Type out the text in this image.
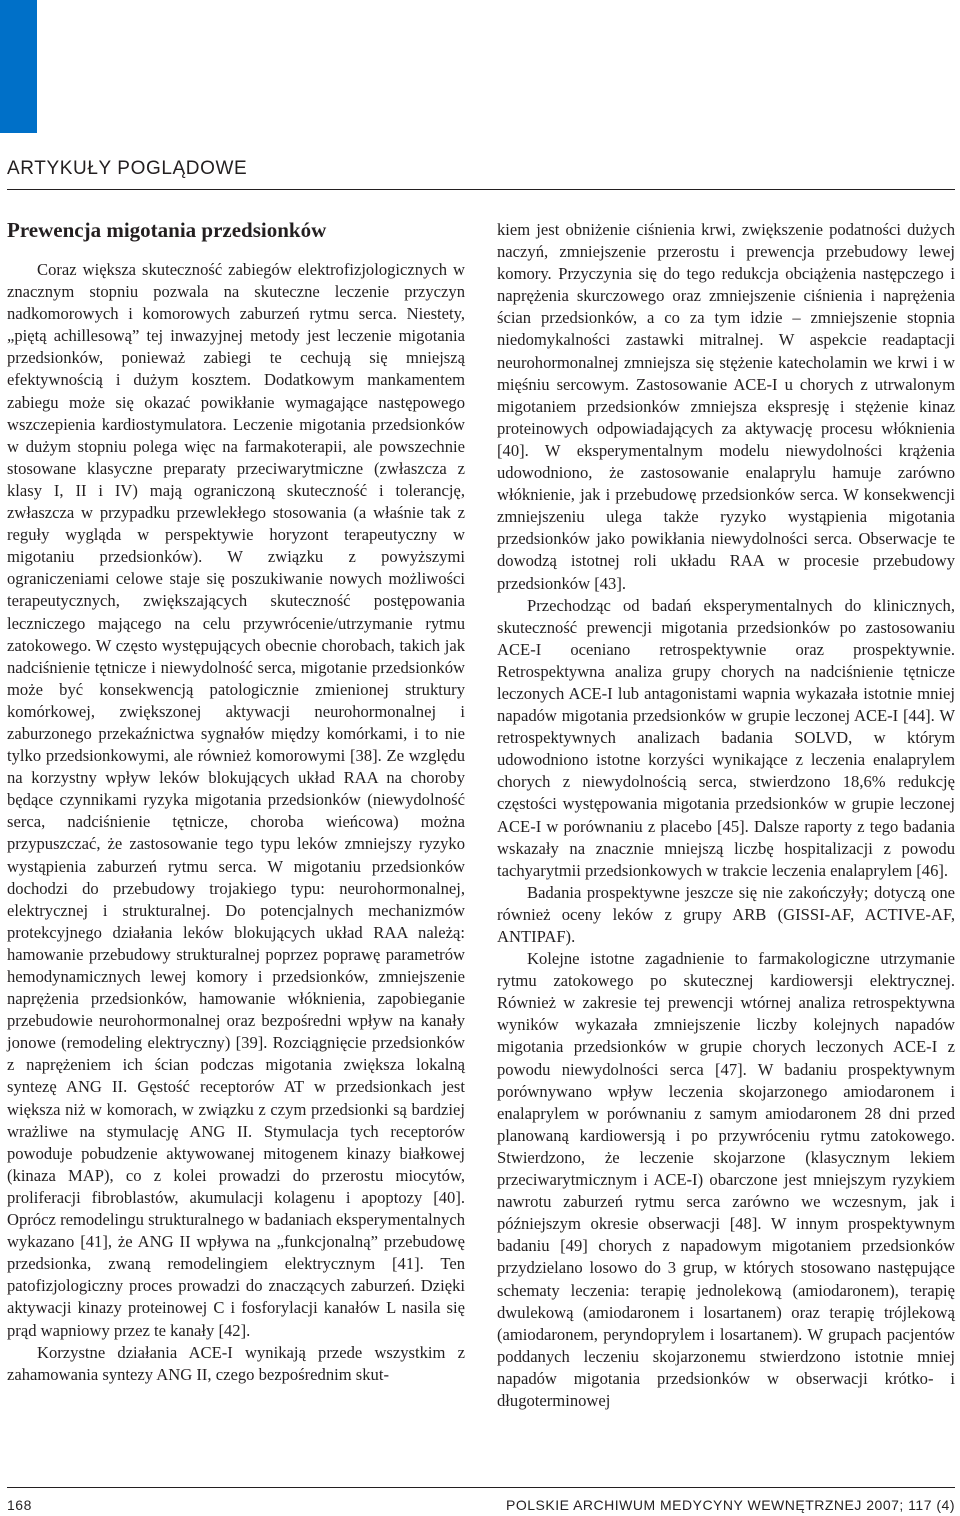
ARTYKUŁY POGLĄDOWE
Prewencja migotania przedsionków

Coraz większa skuteczność zabiegów elektrofizjologicznych w znacznym stopniu pozwala na skuteczne leczenie przyczyn nadkomorowych i komorowych zaburzeń rytmu serca. Niestety, „piętą achillesową” tej inwazyjnej metody jest leczenie migotania przedsionków, ponieważ zabiegi te cechują się mniejszą efektywnością i dużym kosztem. Dodatkowym mankamentem zabiegu może się okazać powikłanie wymagające następowego wszczepienia kardiostymulatora. Leczenie migotania przedsionków w dużym stopniu polega więc na farmakoterapii, ale powszechnie stosowane klasyczne preparaty przeciwarytmiczne (zwłaszcza z klasy I, II i IV) mają ograniczoną skuteczność i tolerancję, zwłaszcza w przypadku przewlekłego stosowania (a właśnie tak z reguły wygląda w perspektywie horyzont terapeutyczny w migotaniu przedsionków). W związku z powyższymi ograniczeniami celowe staje się poszukiwanie nowych możliwości terapeutycznych, zwiększających skuteczność postępowania leczniczego mającego na celu przywrócenie/utrzymanie rytmu zatokowego. W często występujących obecnie chorobach, takich jak nadciśnienie tętnicze i niewydolność serca, migotanie przedsionków może być konsekwencją patologicznie zmienionej struktury komórkowej, zwiększonej aktywacji neurohormonalnej i zaburzonego przekaźnictwa sygnałów między komórkami, i to nie tylko przedsionkowymi, ale również komorowymi [38]. Ze względu na korzystny wpływ leków blokujących układ RAA na choroby będące czynnikami ryzyka migotania przedsionków (niewydolność serca, nadciśnienie tętnicze, choroba wieńcowa) można przypuszczać, że zastosowanie tego typu leków zmniejszy ryzyko wystąpienia zaburzeń rytmu serca. W migotaniu przedsionków dochodzi do przebudowy trojakiego typu: neurohormonalnej, elektrycznej i strukturalnej. Do potencjalnych mechanizmów protekcyjnego działania leków blokujących układ RAA należą: hamowanie przebudowy strukturalnej poprzez poprawę parametrów hemodynamicznych lewej komory i przedsionków, zmniejszenie naprężenia przedsionków, hamowanie włóknienia, zapobieganie przebudowie neurohormonalnej oraz bezpośredni wpływ na kanały jonowe (remodeling elektryczny) [39]. Rozciągnięcie przedsionków z naprężeniem ich ścian podczas migotania zwiększa lokalną syntezę ANG II. Gęstość receptorów AT w przedsionkach jest większa niż w komorach, w związku z czym przedsionki są bardziej wrażliwe na stymulację ANG II. Stymulacja tych receptorów powoduje pobudzenie aktywowanej mitogenem kinazy białkowej (kinaza MAP), co z kolei prowadzi do przerostu miocytów, proliferacji fibroblastów, akumulacji kolagenu i apoptozy [40]. Oprócz remodelingu strukturalnego w badaniach eksperymentalnych wykazano [41], że ANG II wpływa na „funkcjonalną” przebudowę przedsionka, zwaną remodelingiem elektrycznym [41]. Ten patofizjologiczny proces prowadzi do znaczących zaburzeń. Dzięki aktywacji kinazy proteinowej C i fosforylacji kanałów L nasila się prąd wapniowy przez te kanały [42].

Korzystne działania ACE-I wynikają przede wszystkim z zahamowania syntezy ANG II, czego bezpośrednim skut-

kiem jest obniżenie ciśnienia krwi, zwiększenie podatności dużych naczyń, zmniejszenie przerostu i prewencja przebudowy lewej komory. Przyczynia się do tego redukcja obciążenia następczego i naprężenia skurczowego oraz zmniejszenie ciśnienia i naprężenia ścian przedsionków, a co za tym idzie – zmniejszenie stopnia niedomykalności zastawki mitralnej. W aspekcie readaptacji neurohormonalnej zmniejsza się stężenie katecholamin we krwi i w mięśniu sercowym. Zastosowanie ACE-I u chorych z utrwalonym migotaniem przedsionków zmniejsza ekspresję i stężenie kinaz proteinowych odpowiadających za aktywację procesu włóknienia [40]. W eksperymentalnym modelu niewydolności krążenia udowodniono, że zastosowanie enalaprylu hamuje zarówno włóknienie, jak i przebudowę przedsionków serca. W konsekwencji zmniejszeniu ulega także ryzyko wystąpienia migotania przedsionków jako powikłania niewydolności serca. Obserwacje te dowodzą istotnej roli układu RAA w procesie przebudowy przedsionków [43].

Przechodząc od badań eksperymentalnych do klinicznych, skuteczność prewencji migotania przedsionków po zastosowaniu ACE-I oceniano retrospektywnie oraz prospektywnie. Retrospektywna analiza grupy chorych na nadciśnienie tętnicze leczonych ACE-I lub antagonistami wapnia wykazała istotnie mniej napadów migotania przedsionków w grupie leczonej ACE-I [44]. W retrospektywnych analizach badania SOLVD, w którym udowodniono istotne korzyści wynikające z leczenia enalaprylem chorych z niewydolnością serca, stwierdzono 18,6% redukcję częstości występowania migotania przedsionków w grupie leczonej ACE-I w porównaniu z placebo [45]. Dalsze raporty z tego badania wskazały na znacznie mniejszą liczbę hospitalizacji z powodu tachyarytmii przedsionkowych w trakcie leczenia enalaprylem [46].

Badania prospektywne jeszcze się nie zakończyły; dotyczą one również oceny leków z grupy ARB (GISSI-AF, ACTIVE-AF, ANTIPAF).

Kolejne istotne zagadnienie to farmakologiczne utrzymanie rytmu zatokowego po skutecznej kardiowersji elektrycznej. Również w zakresie tej prewencji wtórnej analiza retrospektywna wyników wykazała zmniejszenie liczby kolejnych napadów migotania przedsionków w grupie chorych leczonych ACE-I z powodu niewydolności serca [47]. W badaniu prospektywnym porównywano wpływ leczenia skojarzonego amiodaronem i enalaprylem w porównaniu z samym amiodaronem 28 dni przed planowaną kardiowersją i po przywróceniu rytmu zatokowego. Stwierdzono, że leczenie skojarzone (klasycznym lekiem przeciwarytmicznym i ACE-I) obarczone jest mniejszym ryzykiem nawrotu zaburzeń rytmu serca zarówno we wczesnym, jak i późniejszym okresie obserwacji [48]. W innym prospektywnym badaniu [49] chorych z napadowym migotaniem przedsionków przydzielano losowo do 3 grup, w których stosowano następujące schematy leczenia: terapię jednolekową (amiodaronem), terapię dwulekową (amiodaronem i losartanem) oraz terapię trójlekową (amiodaronem, peryndoprylem i losartanem). W grupach pacjentów poddanych leczeniu skojarzonemu stwierdzono istotnie mniej napadów migotania przedsionków w obserwacji krótko- i długoterminowej

168	POLSKIE ARCHIWUM MEDYCYNY WEWNĘTRZNEJ 2007; 117 (4)
